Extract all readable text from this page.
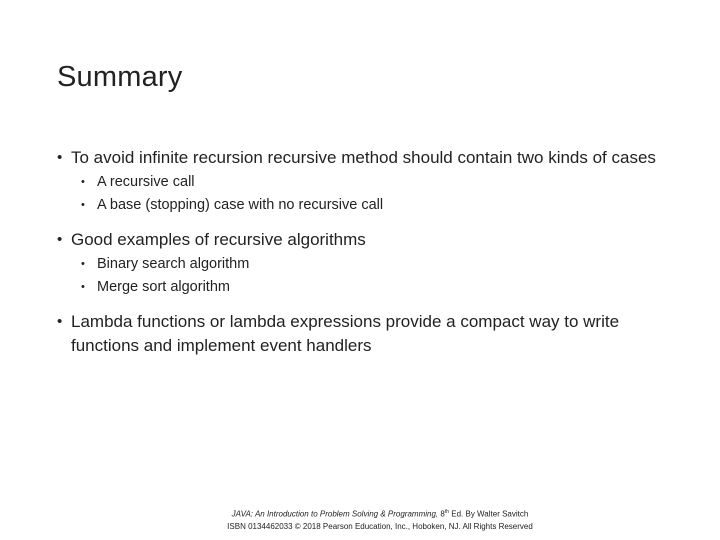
Summary
• To avoid infinite recursion recursive method should contain two kinds of cases
• A recursive call
• A base (stopping) case with no recursive call
• Good examples of recursive algorithms
• Binary search algorithm
• Merge sort algorithm
• Lambda functions or lambda expressions provide a compact way to write functions and implement event handlers
JAVA: An Introduction to Problem Solving & Programming, 8th Ed. By Walter Savitch
ISBN 0134462033 © 2018 Pearson Education, Inc., Hoboken, NJ. All Rights Reserved
